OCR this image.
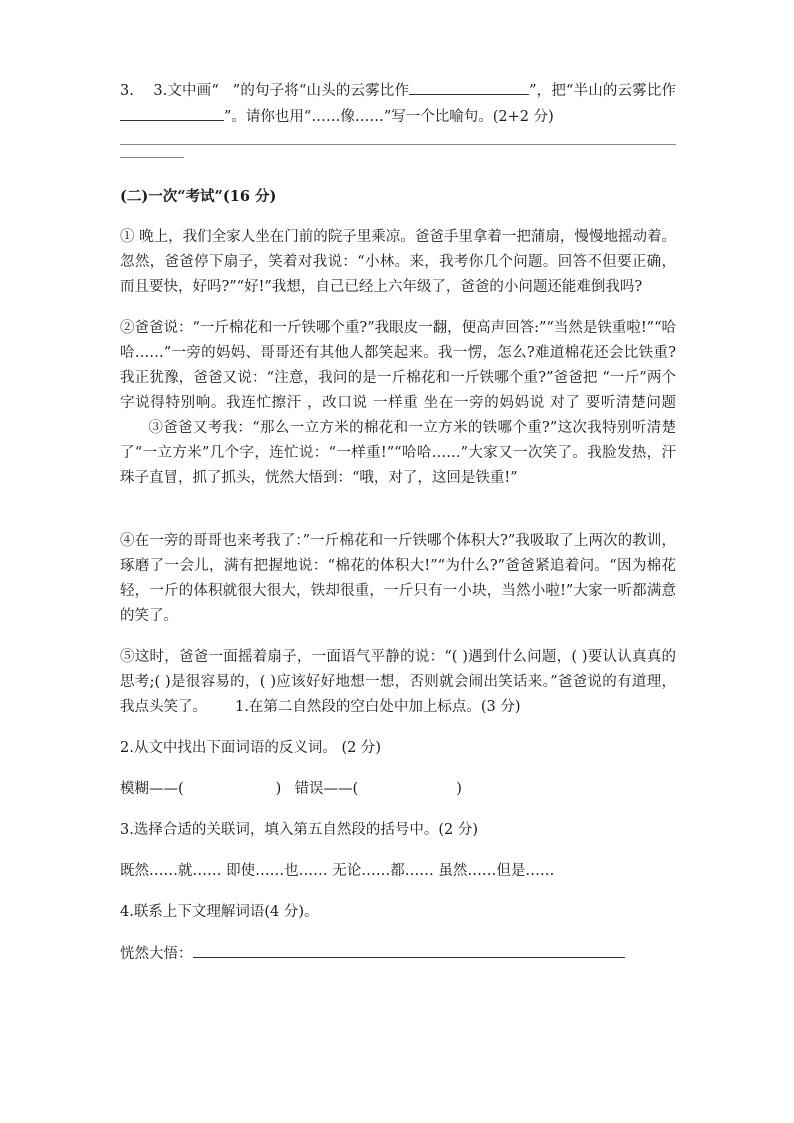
3. 3.文中画“ ”的句子将“山头的云雾比作	”，把“半山的云雾比作”。请你也用“……像……”写一个比喻句。(2+2 分)

(二)一次“考试”(16 分)

① 晚上，我们全家人坐在门前的院子里乘凉。爸爸手里拿着一把蒲扇，慢慢地摇动着。 忽然，爸爸停下扇子，笑着对我说：“小林。来，我考你几个问题。回答不但要正确，而且要快，好吗?”“好!”我想，自己已经上六年级了，爸爸的小问题还能难倒我吗?

②爸爸说：“一斤棉花和一斤铁哪个重?”我眼皮一翻，便高声回答:”“当然是铁重啦!”“哈哈……”一旁的妈妈、哥哥还有其他人都笑起来。我一愣，怎么?难道棉花还会比铁重?我正犹豫，爸爸又说：“注意，我问的是一斤棉花和一斤铁哪个重?”爸爸把 “一斤”两个字说得特别响。我连忙擦汗 ，改口说 一样重 坐在一旁的妈妈说 对了 要听清楚问题③爸爸又考我：“那么一立方米的棉花和一立方米的铁哪个重?”这次我特别听清楚了“一立方米”几个字，连忙说：“一样重!”“哈哈……”大家又一次笑了。我脸发热，汗珠子直冒，抓了抓头，恍然大悟到：“哦，对了，这回是铁重!”

④在一旁的哥哥也来考我了：”一斤棉花和一斤铁哪个体积大?”我吸取了上两次的教训，琢磨了一会儿，满有把握地说：“棉花的体积大!”“为什么?”爸爸紧追着问。“因为棉花轻，一斤的体积就很大很大，铁却很重，一斤只有一小块，当然小啦!”大家一听都满意的笑了。

⑤这时，爸爸一面摇着扇子，一面语气平静的说：“( )遇到什么问题，( )要认认真真的思考;( )是很容易的，( )应该好好地想一想，否则就会闹出笑话来。”爸爸说的有道理，我点头笑了。 1.在第二自然段的空白处中加上标点。(3 分)

2.从文中找出下面词语的反义词。 (2 分)

模糊——(	) 错误——(	)

3.选择合适的关联词，填入第五自然段的括号中。(2 分)

既然……就…… 即使……也…… 无论……都…… 虽然……但是……

4.联系上下文理解词语(4 分)。

恍然大悟：
